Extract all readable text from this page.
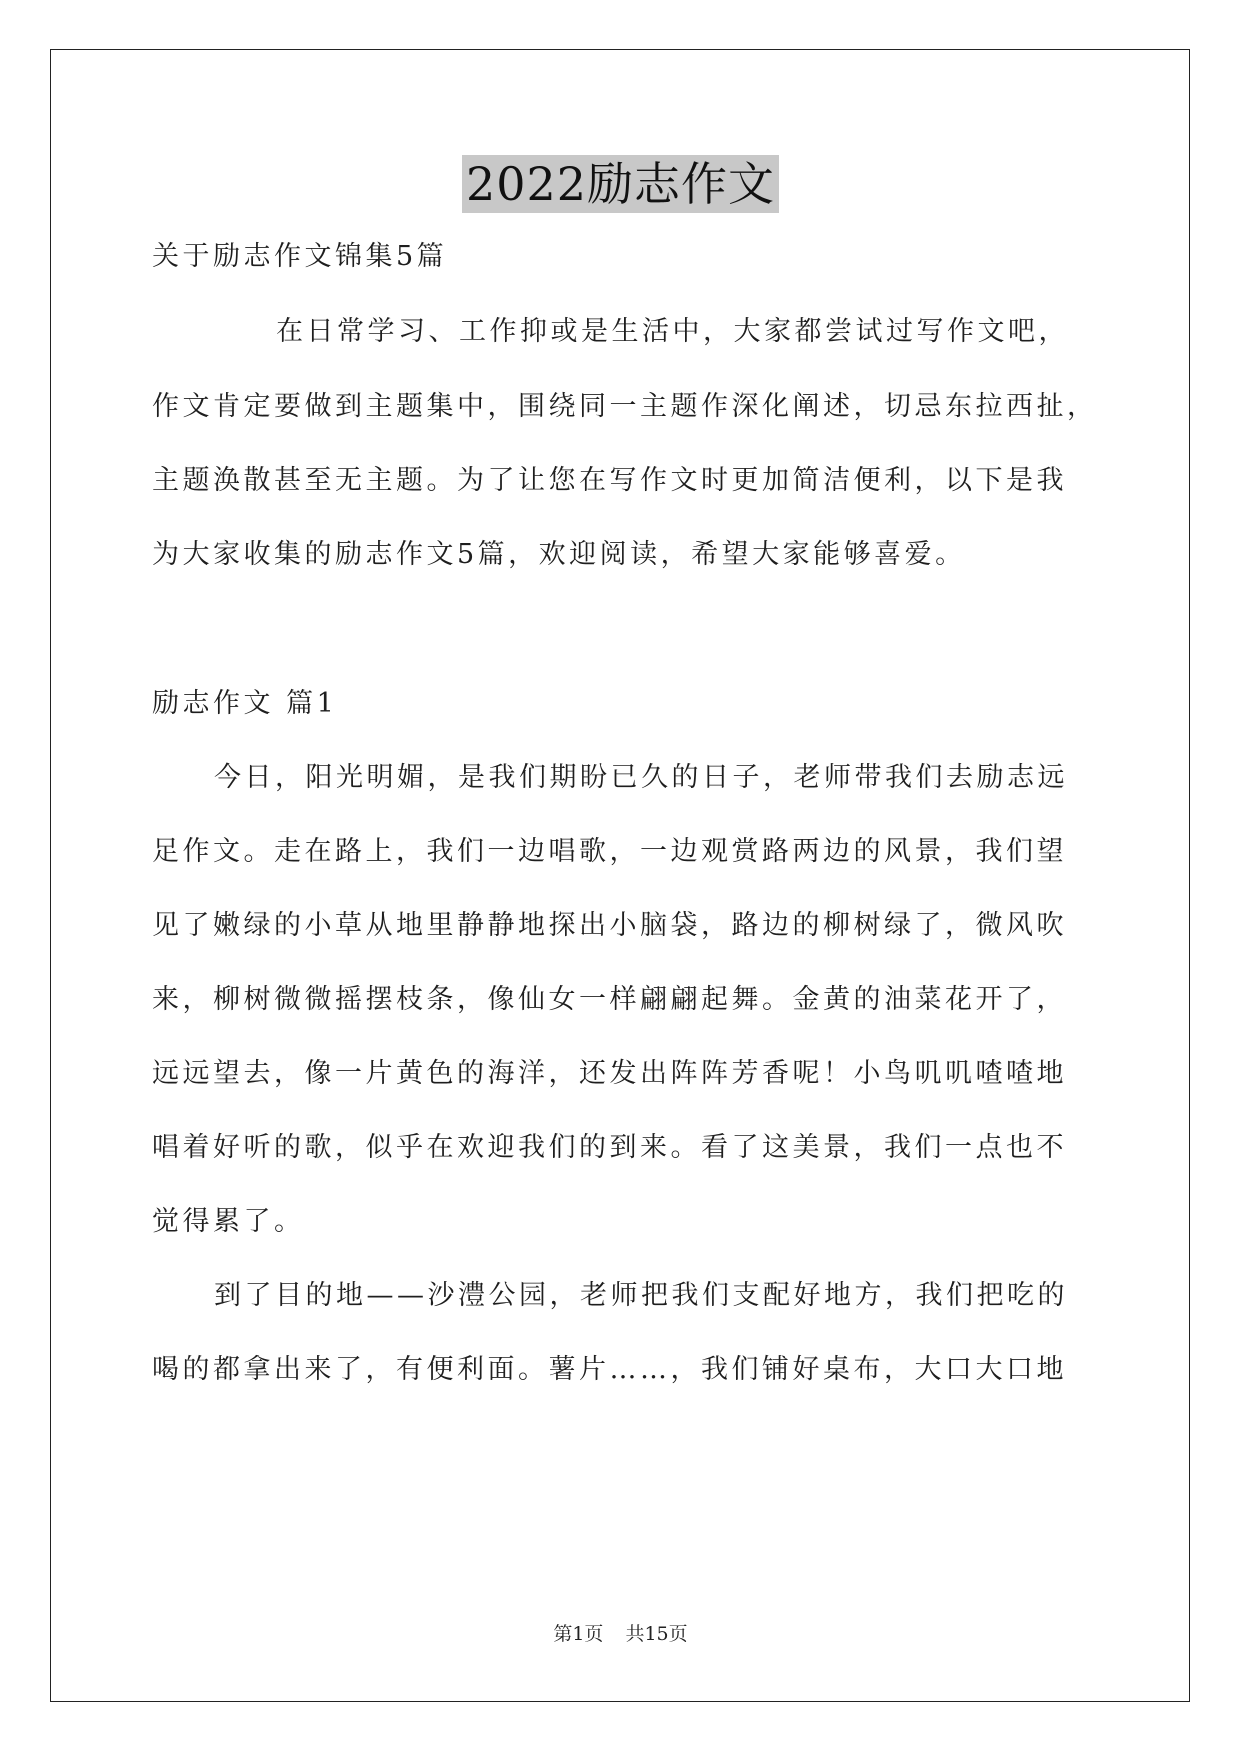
2022励志作文
关于励志作文锦集5篇
在日常学习、工作抑或是生活中，大家都尝试过写作文吧，
作文肯定要做到主题集中，围绕同一主题作深化阐述，切忌东拉西扯，
主题涣散甚至无主题。为了让您在写作文时更加简洁便利，以下是我
为大家收集的励志作文5篇，欢迎阅读，希望大家能够喜爱。
励志作文 篇1
今日，阳光明媚，是我们期盼已久的日子，老师带我们去励志远
足作文。走在路上，我们一边唱歌，一边观赏路两边的风景，我们望
见了嫩绿的小草从地里静静地探出小脑袋，路边的柳树绿了，微风吹
来，柳树微微摇摆枝条，像仙女一样翩翩起舞。金黄的油菜花开了，
远远望去，像一片黄色的海洋，还发出阵阵芳香呢！小鸟叽叽喳喳地
唱着好听的歌，似乎在欢迎我们的到来。看了这美景，我们一点也不
觉得累了。
到了目的地——沙澧公园，老师把我们支配好地方，我们把吃的
喝的都拿出来了，有便利面。薯片……，我们铺好桌布，大口大口地
第1页 共15页
